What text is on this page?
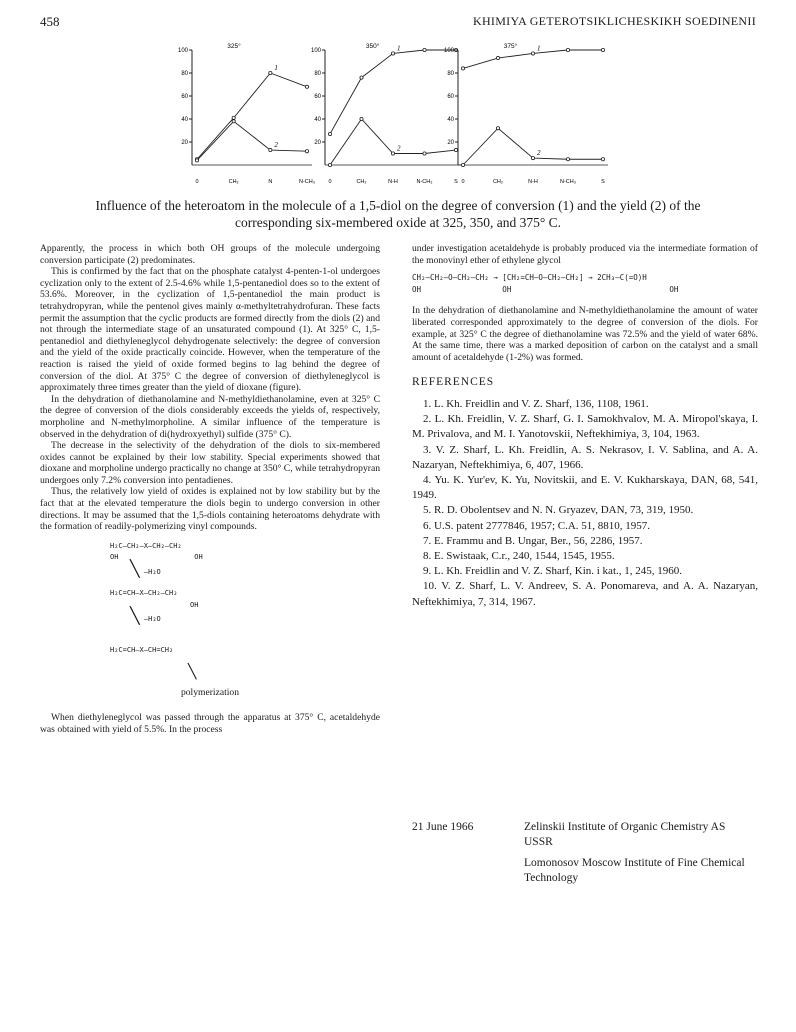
458	KHIMIYA GETEROTSIKLICHESKIKH SOEDINENII
20
40
60
80
100
0	CH₂	N	N-CH₃
325°
1
2	20
40
60
80
100
0	CH₂	N-H	N-CH₃	S
350°	1
2
20
40
60
80
100
0	CH₂	N-H	N-CH₃	S
375°	1
2
Influence of the heteroatom in the molecule of a 1,5-diol on the degree of conversion (1) and the yield (2) of the corresponding six-membered oxide at 325, 350, and 375° C.

Apparently, the process in which both OH groups of the molecule undergoing conversion participate (2) predominates.

This is confirmed by the fact that on the phosphate catalyst 4-penten-1-ol undergoes cyclization only to the extent of 2.5-4.6% while 1,5-pentanediol does so to the extent of 53.6%. Moreover, in the cyclization of 1,5-pentanediol the main product is tetrahydropyran, while the pentenol gives mainly α-methyltetrahydrofuran. These facts permit the assumption that the cyclic products are formed directly from the diols (2) and not through the intermediate stage of an unsaturated compound (1). At 325° C, 1,5-pentanediol and diethyleneglycol dehydrogenate selectively: the degree of conversion and the yield of the oxide practically coincide. However, when the temperature of the reaction is raised the yield of oxide formed begins to lag behind the degree of conversion of the diol. At 375° C the degree of conversion of diethyleneglycol is approximately three times greater than the yield of dioxane (figure).

In the dehydration of diethanolamine and N-methyldiethanolamine, even at 325° C the degree of conversion of the diols considerably exceeds the yields of, respectively, morpholine and N-methylmorpholine. A similar influence of the temperature is observed in the dehydration of di(hydroxyethyl) sulfide (375° C).

The decrease in the selectivity of the dehydration of the diols to six-membered oxides cannot be explained by their low stability. Special experiments showed that dioxane and morpholine undergo practically no change at 350° C, while tetrahydropyran undergoes only 7.2% conversion into pentadienes.

Thus, the relatively low yield of oxides is explained not by low stability but by the fact that at the elevated temperature the diols begin to undergo conversion in other directions. It may be assumed that the 1,5-diols containing heteroatoms dehydrate with the formation of readily-polymerizing vinyl compounds.

H₂C—CH₂—X—CH₂—CH₂
OH                  OH
╲ —H₂O
H₂C=CH—X—CH₂—CH₂
OH
╲ —H₂O
H₂C=CH—X—CH=CH₂
╲
polymerization

When diethyleneglycol was passed through the apparatus at 375° C, acetaldehyde was obtained with yield of 5.5%. In the process

under investigation acetaldehyde is probably produced via the intermediate formation of the monovinyl ether of ethylene glycol

CH₂—CH₂—O—CH₂—CH₂ → [CH₂=CH—O—CH₂—CH₂] → 2CH₃—C(=O)H
OH                  OH                                   OH

In the dehydration of diethanolamine and N-methyldiethanolamine the amount of water liberated corresponded approximately to the degree of conversion of the diols. For example, at 325° C the degree of diethanolamine was 72.5% and the yield of water 68%. At the same time, there was a marked deposition of carbon on the catalyst and a small amount of acetaldehyde (1-2%) was formed.

REFERENCES

1. L. Kh. Freidlin and V. Z. Sharf, 136, 1108, 1961.

2. L. Kh. Freidlin, V. Z. Sharf, G. I. Samokhvalov, M. A. Miropol'skaya, I. M. Privalova, and M. I. Yanotovskii, Neftekhimiya, 3, 104, 1963.

3. V. Z. Sharf, L. Kh. Freidlin, A. S. Nekrasov, I. V. Sablina, and A. A. Nazaryan, Neftekhimiya, 6, 407, 1966.

4. Yu. K. Yur'ev, K. Yu, Novitskii, and E. V. Kukharskaya, DAN, 68, 541, 1949.

5. R. D. Obolentsev and N. N. Gryazev, DAN, 73, 319, 1950.

6. U.S. patent 2777846, 1957; C.A. 51, 8810, 1957.

7. E. Frammu and B. Ungar, Ber., 56, 2286, 1957.

8. E. Swistaak, C.r., 240, 1544, 1545, 1955.

9. L. Kh. Freidlin and V. Z. Sharf, Kin. i kat., 1, 245, 1960.

10. V. Z. Sharf, L. V. Andreev, S. A. Ponomareva, and A. A. Nazaryan, Neftekhimiya, 7, 314, 1967.

21 June 1966	Zelinskii Institute of Organic Chemistry AS USSR
Lomonosov Moscow Institute of Fine Chemical Technology
